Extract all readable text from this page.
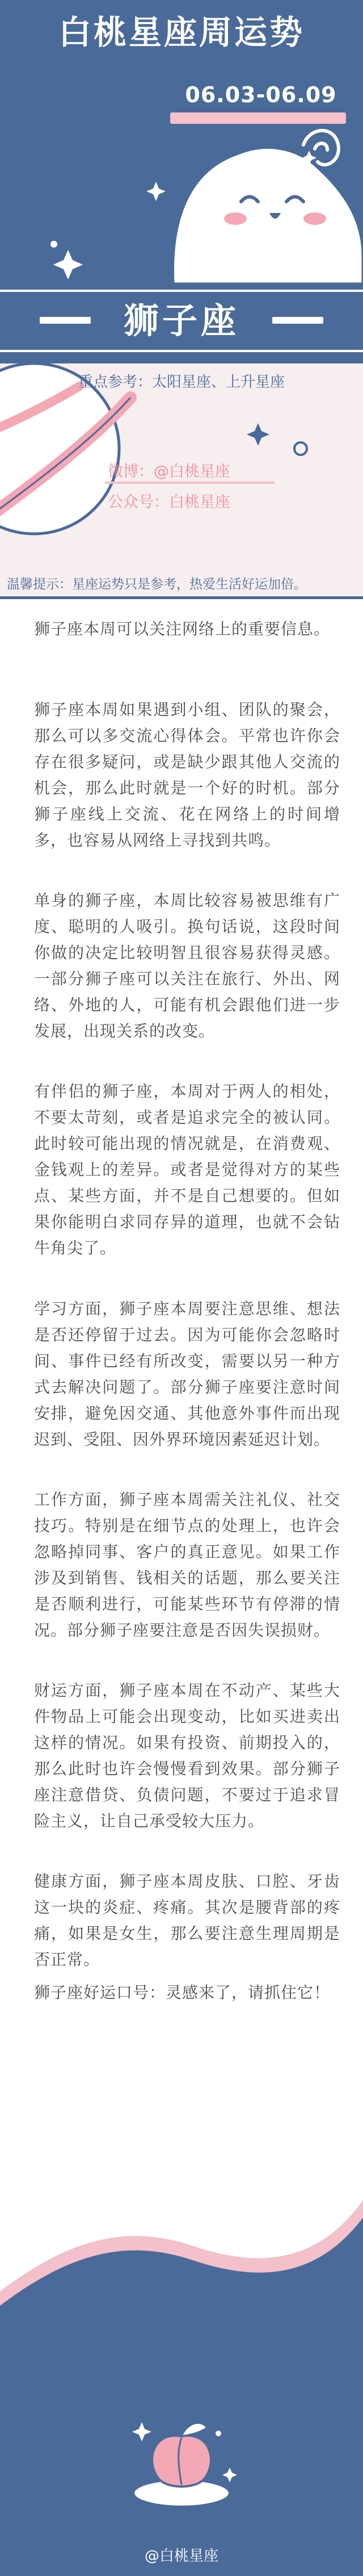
白桃星座周运势
06.03-06.09
狮子座
重点参考：太阳星座、上升星座
微博：@白桃星座
公众号：白桃星座
温馨提示：星座运势只是参考，热爱生活好运加倍。

狮子座本周可以关注网络上的重要信息。

狮子座本周如果遇到小组、团队的聚会，那么可以多交流心得体会。平常也许你会存在很多疑问，或是缺少跟其他人交流的机会，那么此时就是一个好的时机。部分狮子座线上交流、花在网络上的时间增多，也容易从网络上寻找到共鸣。

单身的狮子座，本周比较容易被思维有广度、聪明的人吸引。换句话说，这段时间你做的决定比较明智且很容易获得灵感。一部分狮子座可以关注在旅行、外出、网络、外地的人，可能有机会跟他们进一步发展，出现关系的改变。

有伴侣的狮子座，本周对于两人的相处，不要太苛刻，或者是追求完全的被认同。此时较可能出现的情况就是，在消费观、金钱观上的差异。或者是觉得对方的某些点、某些方面，并不是自己想要的。但如果你能明白求同存异的道理，也就不会钻牛角尖了。

学习方面，狮子座本周要注意思维、想法是否还停留于过去。因为可能你会忽略时间、事件已经有所改变，需要以另一种方式去解决问题了。部分狮子座要注意时间安排，避免因交通、其他意外事件而出现迟到、受阻、因外界环境因素延迟计划。

工作方面，狮子座本周需关注礼仪、社交技巧。特别是在细节点的处理上，也许会忽略掉同事、客户的真正意见。如果工作涉及到销售、钱相关的话题，那么要关注是否顺利进行，可能某些环节有停滞的情况。部分狮子座要注意是否因失误损财。

财运方面，狮子座本周在不动产、某些大件物品上可能会出现变动，比如买进卖出这样的情况。如果有投资、前期投入的，那么此时也许会慢慢看到效果。部分狮子座注意借贷、负债问题，不要过于追求冒险主义，让自己承受较大压力。

健康方面，狮子座本周皮肤、口腔、牙齿这一块的炎症、疼痛。其次是腰背部的疼痛，如果是女生，那么要注意生理周期是否正常。

狮子座好运口号：灵感来了，请抓住它！

@白桃星座
